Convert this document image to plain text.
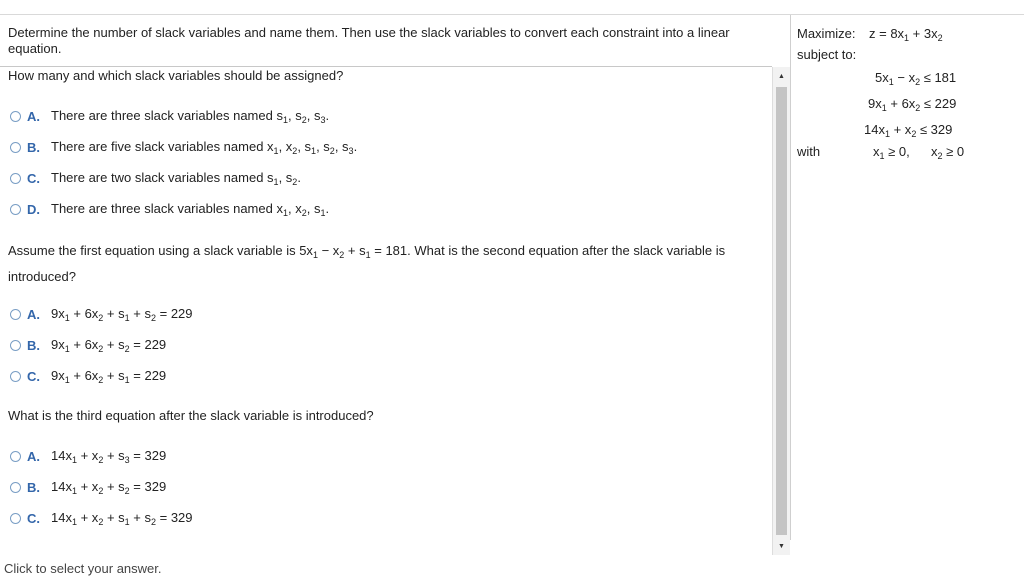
Determine the number of slack variables and name them. Then use the slack variables to convert each constraint into a linear equation.
How many and which slack variables should be assigned?
A. There are three slack variables named $s_1$, $s_2$, $s_3$.
B. There are five slack variables named $x_1$, $x_2$, $s_1$, $s_2$, $s_3$.
C. There are two slack variables named $s_1$, $s_2$.
D. There are three slack variables named $x_1$, $x_2$, $s_1$.
Assume the first equation using a slack variable is $5x_1 - x_2 + s_1 = 181$. What is the second equation after the slack variable is introduced?
A. $9x_1 + 6x_2 + s_1 + s_2 = 229$
B. $9x_1 + 6x_2 + s_2 = 229$
C. $9x_1 + 6x_2 + s_1 = 229$
What is the third equation after the slack variable is introduced?
A. $14x_1 + x_2 + s_3 = 329$
B. $14x_1 + x_2 + s_2 = 329$
C. $14x_1 + x_2 + s_1 + s_2 = 329$
▲
▼
Maximize: $z = 8x_1 + 3x_2$
subject to:
$5x_1 - x_2 \le 181$
$9x_1 + 6x_2 \le 229$
$14x_1 + x_2 \le 329$
with	$x_1 \ge 0$, $x_2 \ge 0$
Click to select your answer.
